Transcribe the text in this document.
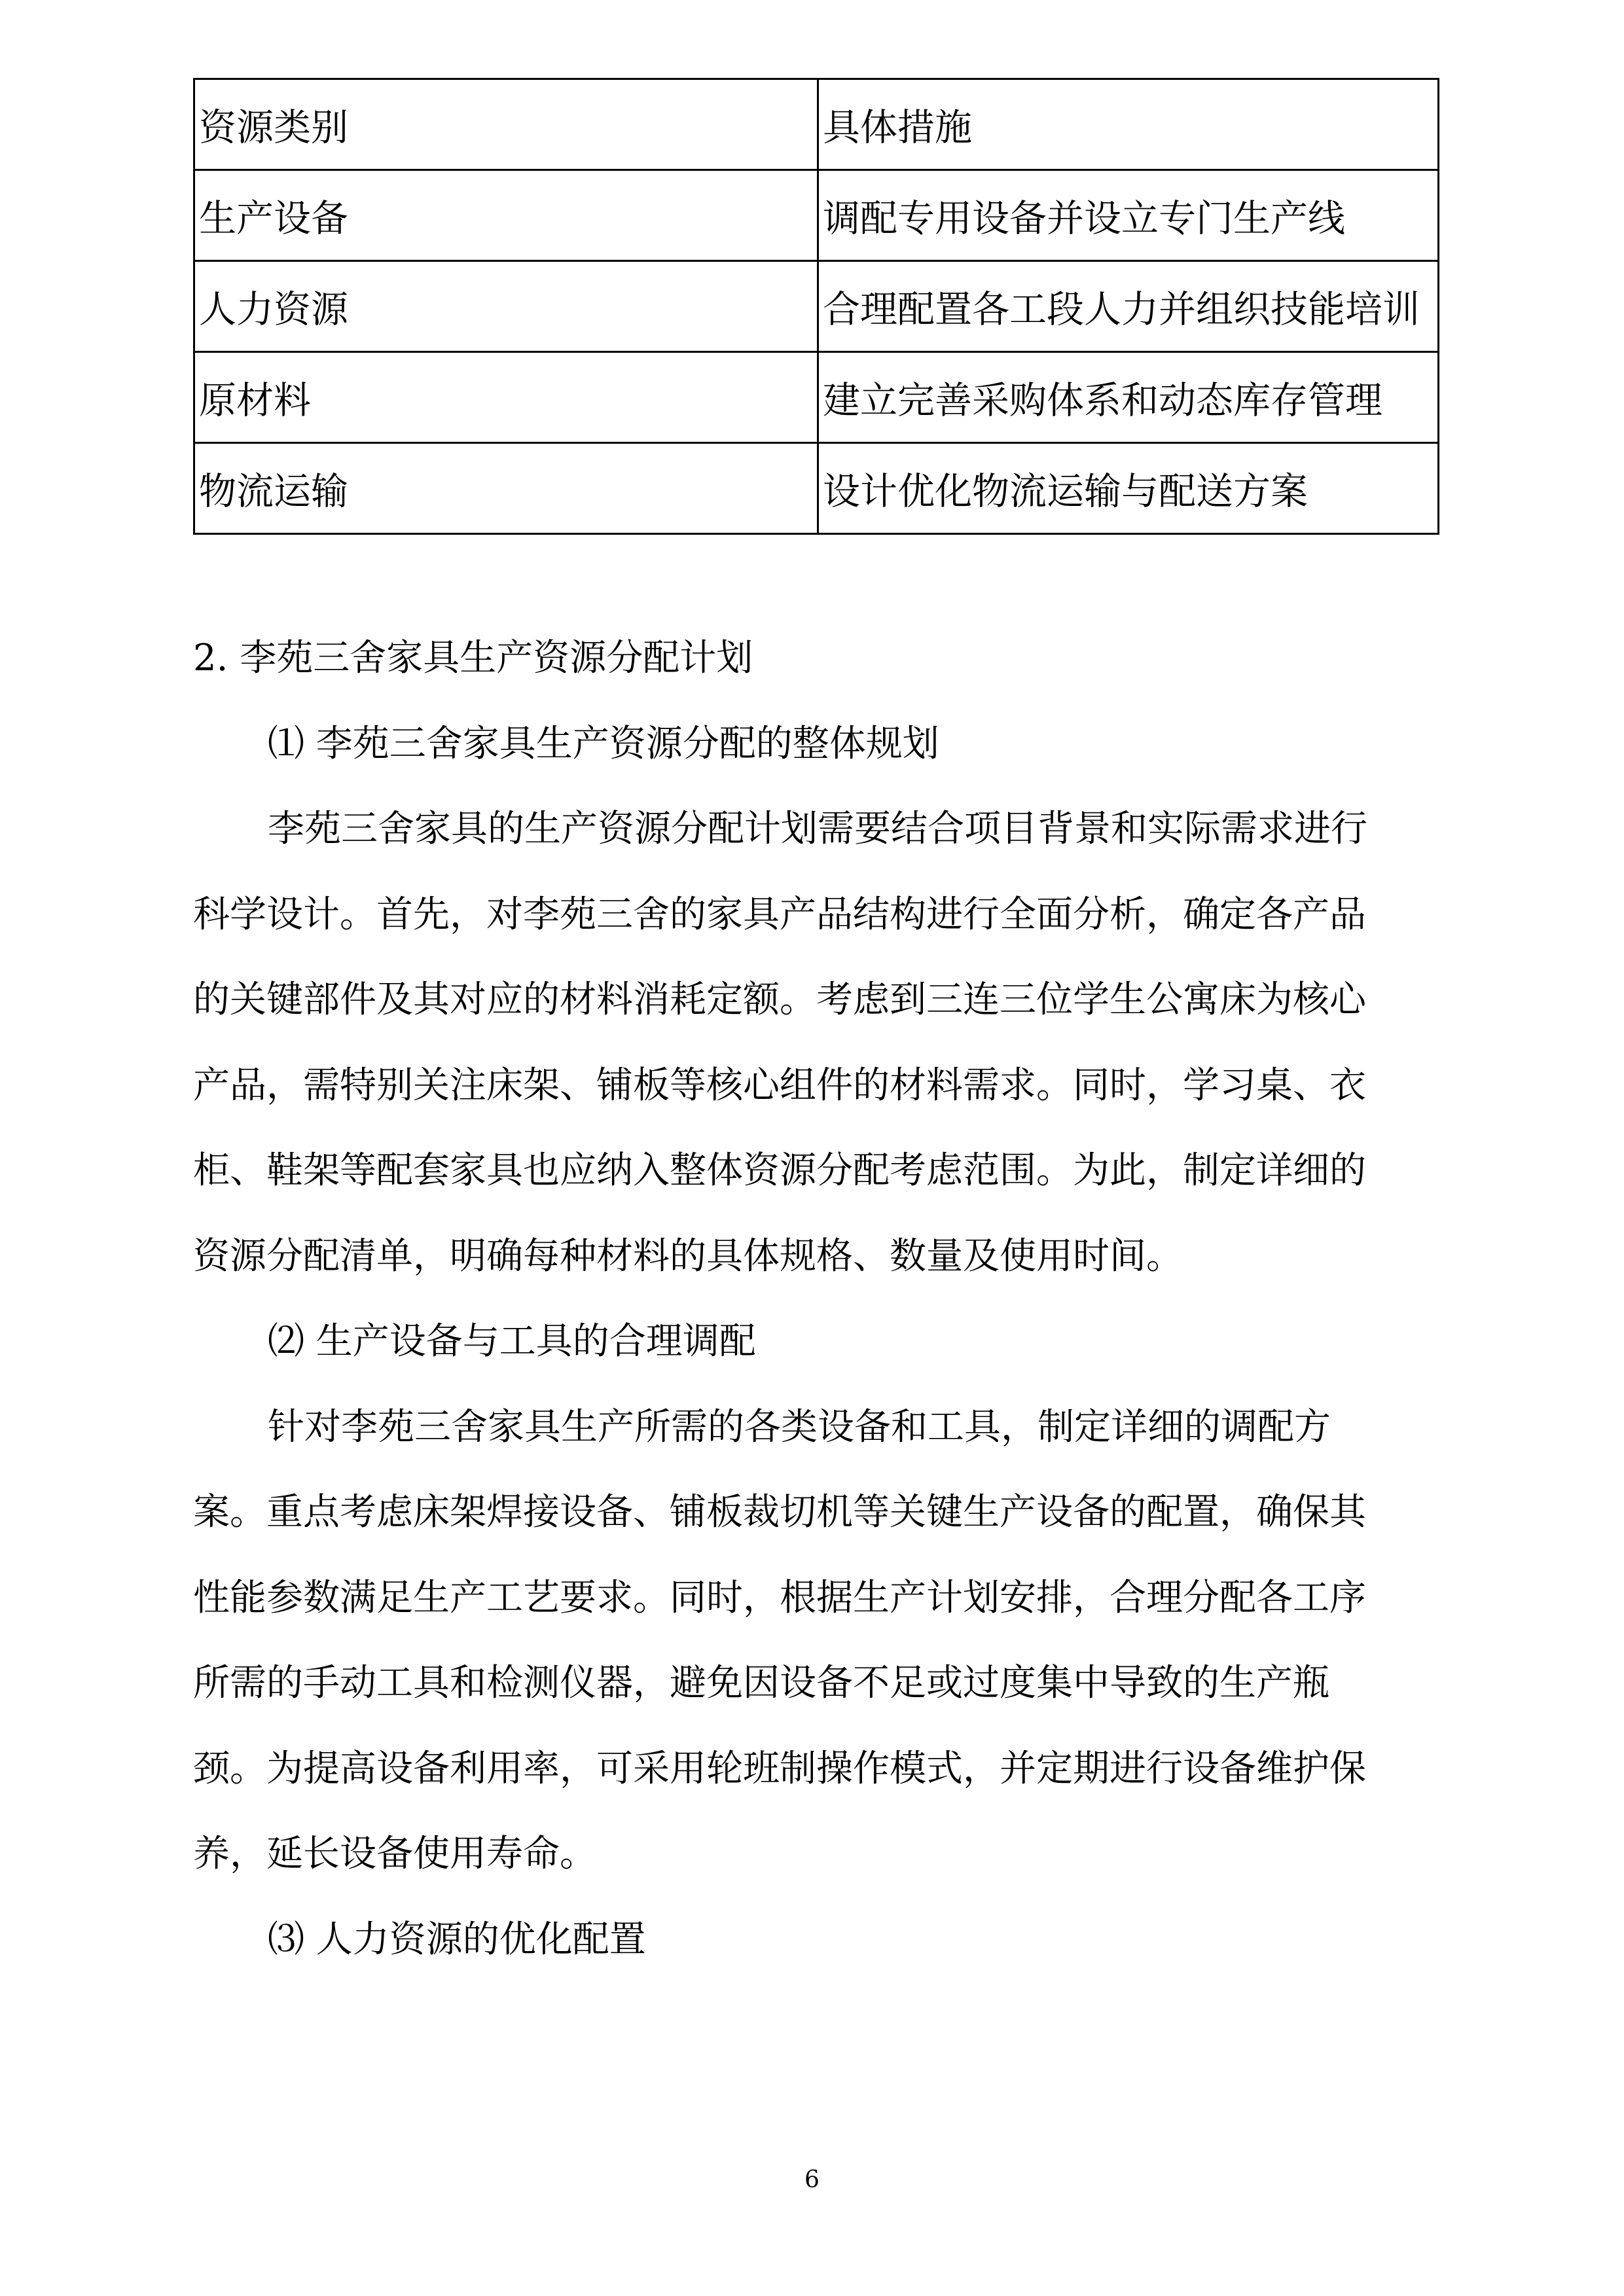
资源类别	具体措施
生产设备	调配专用设备并设立专门生产线
人力资源	合理配置各工段人力并组织技能培训
原材料	建立完善采购体系和动态库存管理
物流运输	设计优化物流运输与配送方案
2. 李苑三舍家具生产资源分配计划
⑴ 李苑三舍家具生产资源分配的整体规划
李苑三舍家具的生产资源分配计划需要结合项目背景和实际需求进行
科学设计。首先，对李苑三舍的家具产品结构进行全面分析，确定各产品
的关键部件及其对应的材料消耗定额。考虑到三连三位学生公寓床为核心
产品，需特别关注床架、铺板等核心组件的材料需求。同时，学习桌、衣
柜、鞋架等配套家具也应纳入整体资源分配考虑范围。为此，制定详细的
资源分配清单，明确每种材料的具体规格、数量及使用时间。
⑵ 生产设备与工具的合理调配
针对李苑三舍家具生产所需的各类设备和工具，制定详细的调配方
案。重点考虑床架焊接设备、铺板裁切机等关键生产设备的配置，确保其
性能参数满足生产工艺要求。同时，根据生产计划安排，合理分配各工序
所需的手动工具和检测仪器，避免因设备不足或过度集中导致的生产瓶
颈。为提高设备利用率，可采用轮班制操作模式，并定期进行设备维护保
养，延长设备使用寿命。
⑶ 人力资源的优化配置
6
